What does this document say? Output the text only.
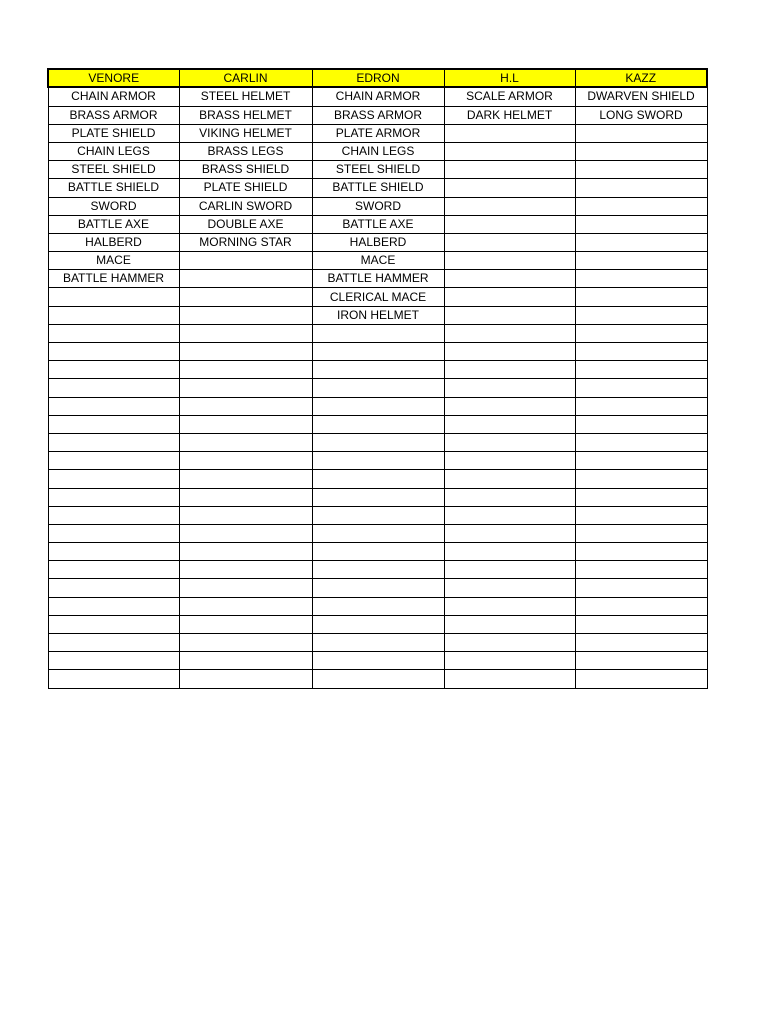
VENORE	CARLIN	EDRON	H.L	KAZZ
CHAIN ARMOR	STEEL HELMET	CHAIN ARMOR	SCALE ARMOR	DWARVEN SHIELD
BRASS ARMOR	BRASS HELMET	BRASS ARMOR	DARK HELMET	LONG SWORD
PLATE SHIELD	VIKING HELMET	PLATE ARMOR		
CHAIN LEGS	BRASS LEGS	CHAIN LEGS		
STEEL SHIELD	BRASS SHIELD	STEEL SHIELD		
BATTLE SHIELD	PLATE SHIELD	BATTLE SHIELD		
SWORD	CARLIN SWORD	SWORD		
BATTLE AXE	DOUBLE AXE	BATTLE AXE		
HALBERD	MORNING STAR	HALBERD		
MACE		MACE		
BATTLE HAMMER		BATTLE HAMMER		
		CLERICAL MACE		
		IRON HELMET		
